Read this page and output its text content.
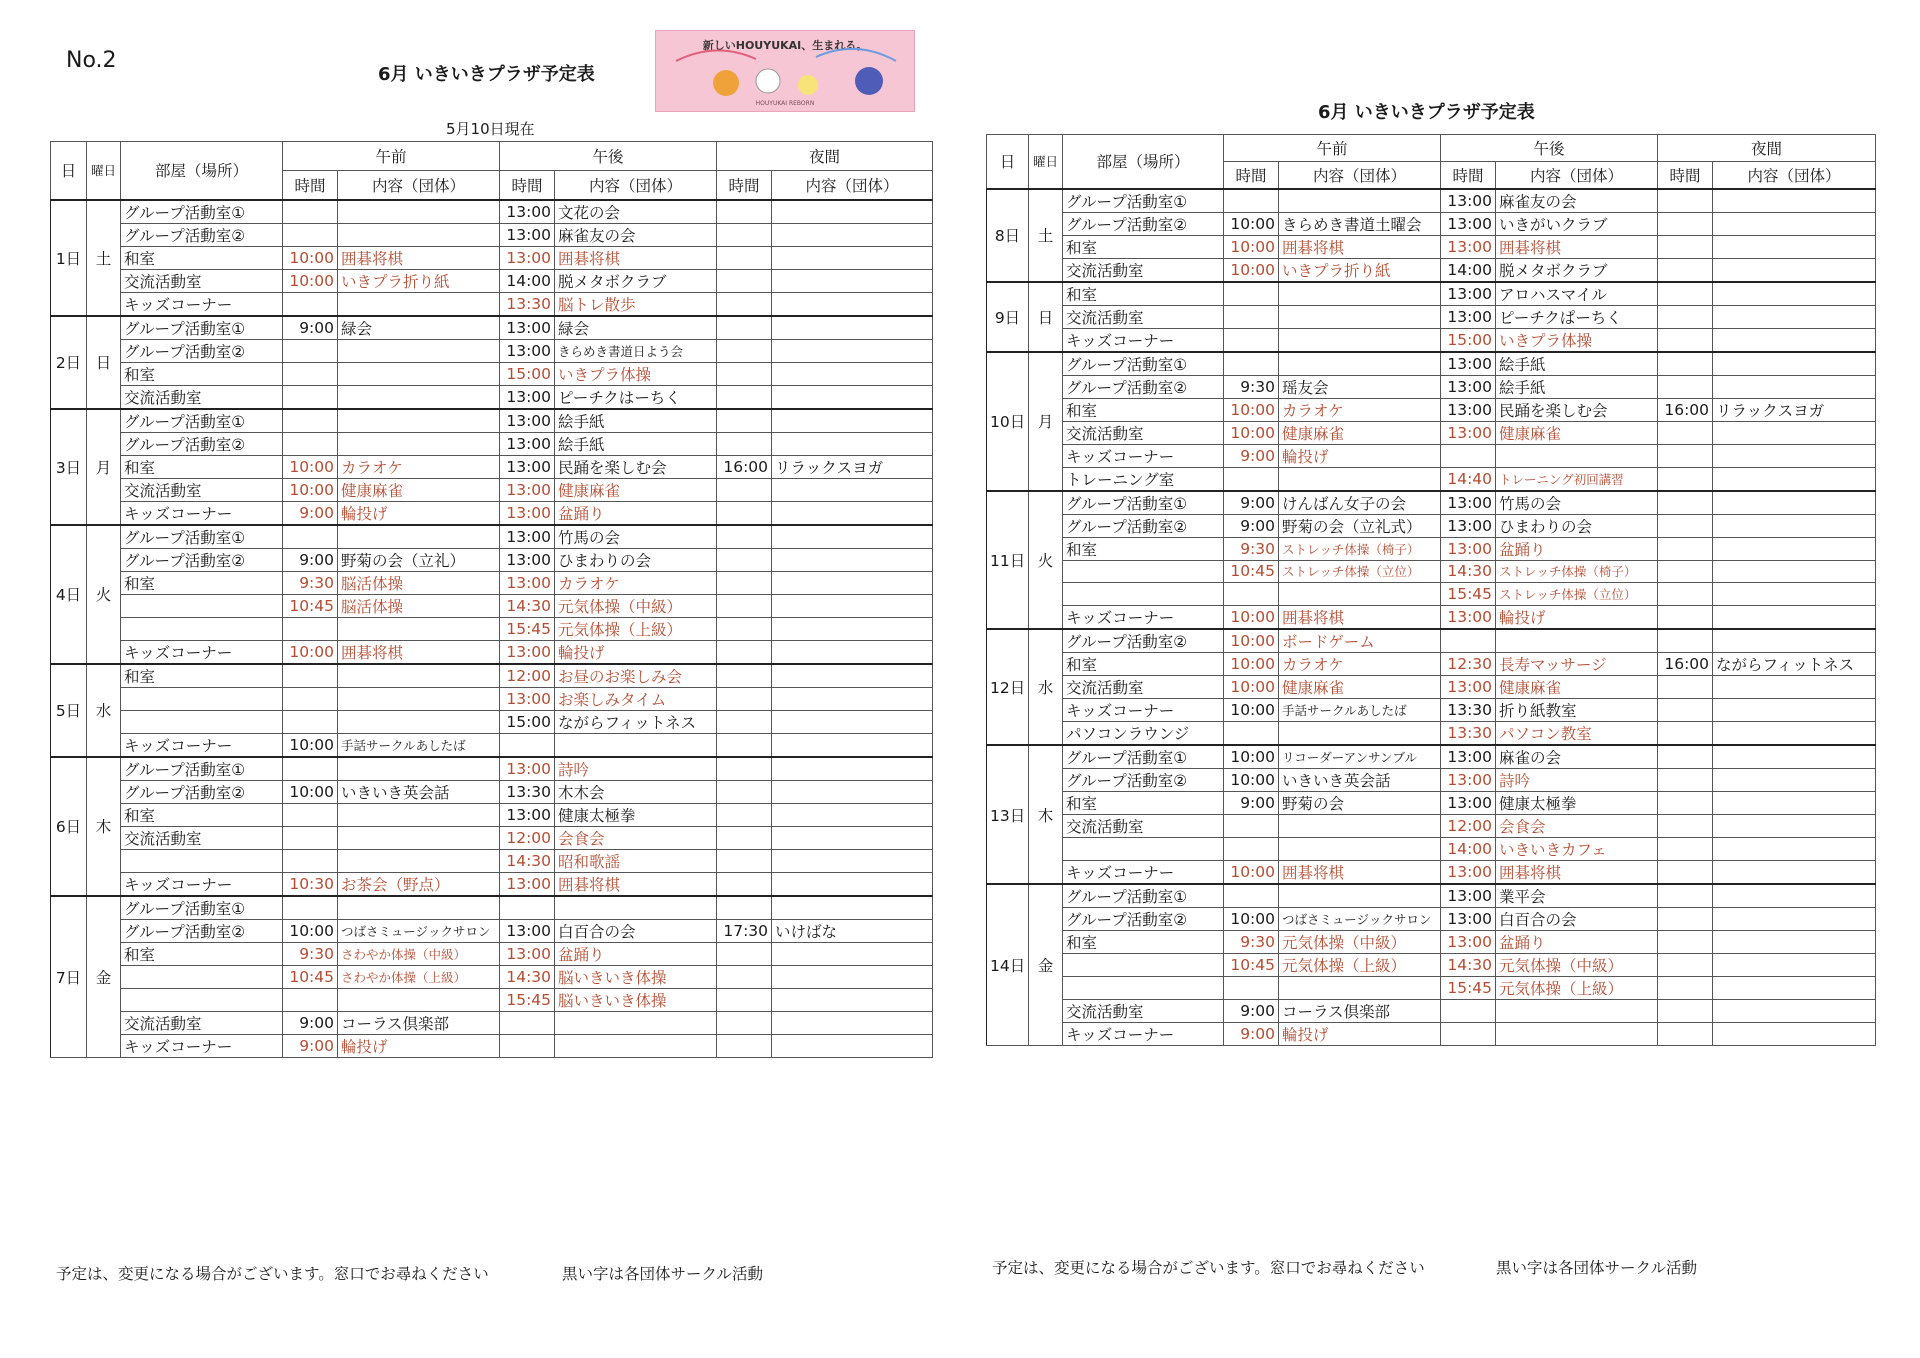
No.2
6月 いきいきプラザ予定表
5月10日現在
新しいHOUYUKAI、生まれる。
HOUYUKAI REBORN
日	曜日	部屋（場所）	午前		午後		夜間	
			時間	内容（団体）	時間	内容（団体）	時間	内容（団体）
1日	土	グループ活動室①			13:00	文花の会		
		グループ活動室②			13:00	麻雀友の会		
		和室	10:00	囲碁将棋	13:00	囲碁将棋		
		交流活動室	10:00	いきプラ折り紙	14:00	脱メタボクラブ		
		キッズコーナー			13:30	脳トレ散歩		
2日	日	グループ活動室①	9:00	緑会	13:00	緑会		
		グループ活動室②			13:00	きらめき書道日よう会		
		和室			15:00	いきプラ体操		
		交流活動室			13:00	ピーチクはーちく		
3日	月	グループ活動室①			13:00	絵手紙		
		グループ活動室②			13:00	絵手紙		
		和室	10:00	カラオケ	13:00	民踊を楽しむ会	16:00	リラックスヨガ
		交流活動室	10:00	健康麻雀	13:00	健康麻雀		
		キッズコーナー	9:00	輪投げ	13:00	盆踊り		
4日	火	グループ活動室①			13:00	竹馬の会		
		グループ活動室②	9:00	野菊の会（立礼）	13:00	ひまわりの会		
		和室	9:30	脳活体操	13:00	カラオケ		
			10:45	脳活体操	14:30	元気体操（中級）		
					15:45	元気体操（上級）		
		キッズコーナー	10:00	囲碁将棋	13:00	輪投げ		
5日	水	和室			12:00	お昼のお楽しみ会		
					13:00	お楽しみタイム		
					15:00	ながらフィットネス		
		キッズコーナー	10:00	手話サークルあしたば				
6日	木	グループ活動室①			13:00	詩吟		
		グループ活動室②	10:00	いきいき英会話	13:30	木木会		
		和室			13:00	健康太極拳		
		交流活動室			12:00	会食会		
					14:30	昭和歌謡		
		キッズコーナー	10:30	お茶会（野点）	13:00	囲碁将棋		
7日	金	グループ活動室①						
		グループ活動室②	10:00	つばさミュージックサロン	13:00	白百合の会	17:30	いけばな
		和室	9:30	さわやか体操（中級）	13:00	盆踊り		
			10:45	さわやか体操（上級）	14:30	脳いきいき体操		
					15:45	脳いきいき体操		
		交流活動室	9:00	コーラス倶楽部				
		キッズコーナー	9:00	輪投げ				
予定は、変更になる場合がございます。窓口でお尋ねください	黒い字は各団体サークル活動
6月 いきいきプラザ予定表
日	曜日	部屋（場所）	午前		午後		夜間	
			時間	内容（団体）	時間	内容（団体）	時間	内容（団体）
8日	土	グループ活動室①			13:00	麻雀友の会		
		グループ活動室②	10:00	きらめき書道土曜会	13:00	いきがいクラブ		
		和室	10:00	囲碁将棋	13:00	囲碁将棋		
		交流活動室	10:00	いきプラ折り紙	14:00	脱メタボクラブ		
9日	日	和室			13:00	アロハスマイル		
		交流活動室			13:00	ピーチクぱーちく		
		キッズコーナー			15:00	いきプラ体操		
10日	月	グループ活動室①			13:00	絵手紙		
		グループ活動室②	9:30	瑶友会	13:00	絵手紙		
		和室	10:00	カラオケ	13:00	民踊を楽しむ会	16:00	リラックスヨガ
		交流活動室	10:00	健康麻雀	13:00	健康麻雀		
		キッズコーナー	9:00	輪投げ				
		トレーニング室			14:40	トレーニング初回講習		
11日	火	グループ活動室①	9:00	けんばん女子の会	13:00	竹馬の会		
		グループ活動室②	9:00	野菊の会（立礼式）	13:00	ひまわりの会		
		和室	9:30	ストレッチ体操（椅子）	13:00	盆踊り		
			10:45	ストレッチ体操（立位）	14:30	ストレッチ体操（椅子）		
					15:45	ストレッチ体操（立位）		
		キッズコーナー	10:00	囲碁将棋	13:00	輪投げ		
12日	水	グループ活動室②	10:00	ボードゲーム				
		和室	10:00	カラオケ	12:30	長寿マッサージ	16:00	ながらフィットネス
		交流活動室	10:00	健康麻雀	13:00	健康麻雀		
		キッズコーナー	10:00	手話サークルあしたば	13:30	折り紙教室		
		パソコンラウンジ			13:30	パソコン教室		
13日	木	グループ活動室①	10:00	リコーダーアンサンブル	13:00	麻雀の会		
		グループ活動室②	10:00	いきいき英会話	13:00	詩吟		
		和室	9:00	野菊の会	13:00	健康太極拳		
		交流活動室			12:00	会食会		
					14:00	いきいきカフェ		
		キッズコーナー	10:00	囲碁将棋	13:00	囲碁将棋		
14日	金	グループ活動室①			13:00	業平会		
		グループ活動室②	10:00	つばさミュージックサロン	13:00	白百合の会		
		和室	9:30	元気体操（中級）	13:00	盆踊り		
			10:45	元気体操（上級）	14:30	元気体操（中級）		
					15:45	元気体操（上級）		
		交流活動室	9:00	コーラス倶楽部				
		キッズコーナー	9:00	輪投げ				
予定は、変更になる場合がございます。窓口でお尋ねください	黒い字は各団体サークル活動
